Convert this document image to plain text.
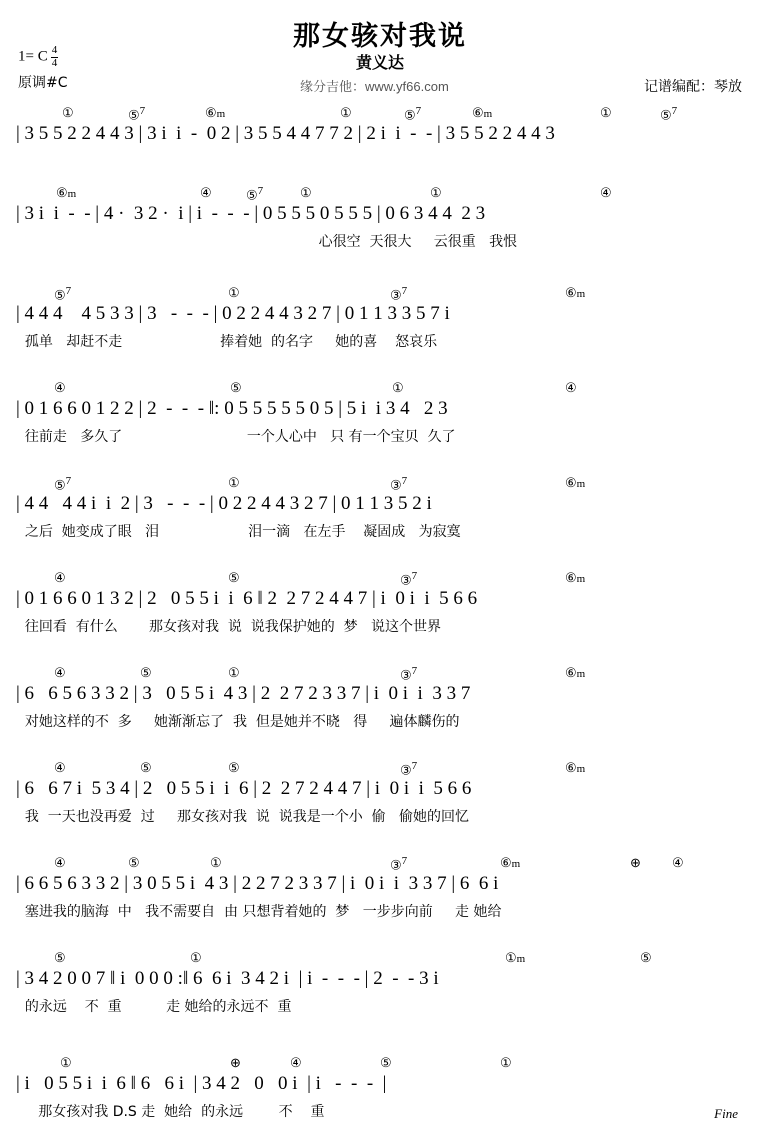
那女骇对我说
黄义达
1= C $\frac{4}{4}$
原调#C	缘分吉他：www.yf66.com	记谱编配：琴放
①	⑤$^7$	⑥m	①	⑤$^7$	⑥m	①	⑤$^7$
| 3 5 5 2 2 4 4 3 | 3 i  i  -  0 2 | 3 5 5 4 4 7 7 2 | 2 i  i  -  - | 3 5 5 2 2 4 4 3
⑥m	④	⑤$^7$	①	①	④
| 3 i  i  -  - | 4 ·  3 2 ·  i | i  -  -  - | 0 5 5 5 0 5 5 5 | 0 6 3 4 4  2 3
心很空  天很大     云很重   我恨
⑤$^7$	①	③$^7$	⑥m
| 4 4 4    4 5 3 3 | 3   -  -  - | 0 2 2 4 4 3 2 7 | 0 1 1 3 3 5 7 i
孤单   却赶不走                      捧着她  的名字     她的喜    怒哀乐
④	⑤	①	④
| 0 1 6 6 0 1 2 2 | 2  -  -  - ‖: 0 5 5 5 5 5 0 5 | 5 i  i 3 4   2 3
往前走   多久了                            一个人心中   只 有一个宝贝  久了
⑤$^7$	①	③$^7$	⑥m
| 4 4   4 4 i  i  2 | 3   -  -  - | 0 2 2 4 4 3 2 7 | 0 1 1 3 5 2 i
之后  她变成了眼   泪                    泪一滴   在左手    凝固成   为寂寞
④	⑤	③$^7$	⑥m
| 0 1 6 6 0 1 3 2 | 2   0 5 5 i  i  6 ‖ 2  2 7 2 4 4 7 | i  0 i  i  5 6 6
往回看  有什么       那女孩对我  说  说我保护她的  梦   说这个世界
④	⑤	①	③$^7$	⑥m
| 6   6 5 6 3 3 2 | 3   0 5 5 i  4 3 | 2  2 7 2 3 3 7 | i  0 i  i  3 3 7
对她这样的不  多     她渐渐忘了  我  但是她并不晓   得     遍体麟伤的
④	⑤	⑤	③$^7$	⑥m
| 6   6 7 i  5 3 4 | 2   0 5 5 i  i  6 | 2  2 7 2 4 4 7 | i  0 i  i  5 6 6
我  一天也没再爱  过     那女孩对我  说  说我是一个小  偷   偷她的回忆
④	⑤	①	③$^7$	⑥m	⊕ ④
| 6 6 5 6 3 3 2 | 3 0 5 5 i  4 3 | 2 2 7 2 3 3 7 | i  0 i  i  3 3 7 | 6  6 i
塞进我的脑海  中   我不需要自  由 只想背着她的  梦   一步步向前     走 她给
⑤	①	①m	⑤
| 3 4 2 0 0 7 ‖ i  0 0 0 :‖ 6  6 i  3 4 2 i  | i  -  -  - | 2  -  - 3 i
的永远    不  重          走 她给的永远不  重
①	⊕	④	⑤	①
| i   0 5 5 i  i  6 ‖ 6   6 i  | 3 4 2   0   0 i  | i   -  -  -  |
那女孩对我 D.S 走  她给  的永远        不    重	Fine
